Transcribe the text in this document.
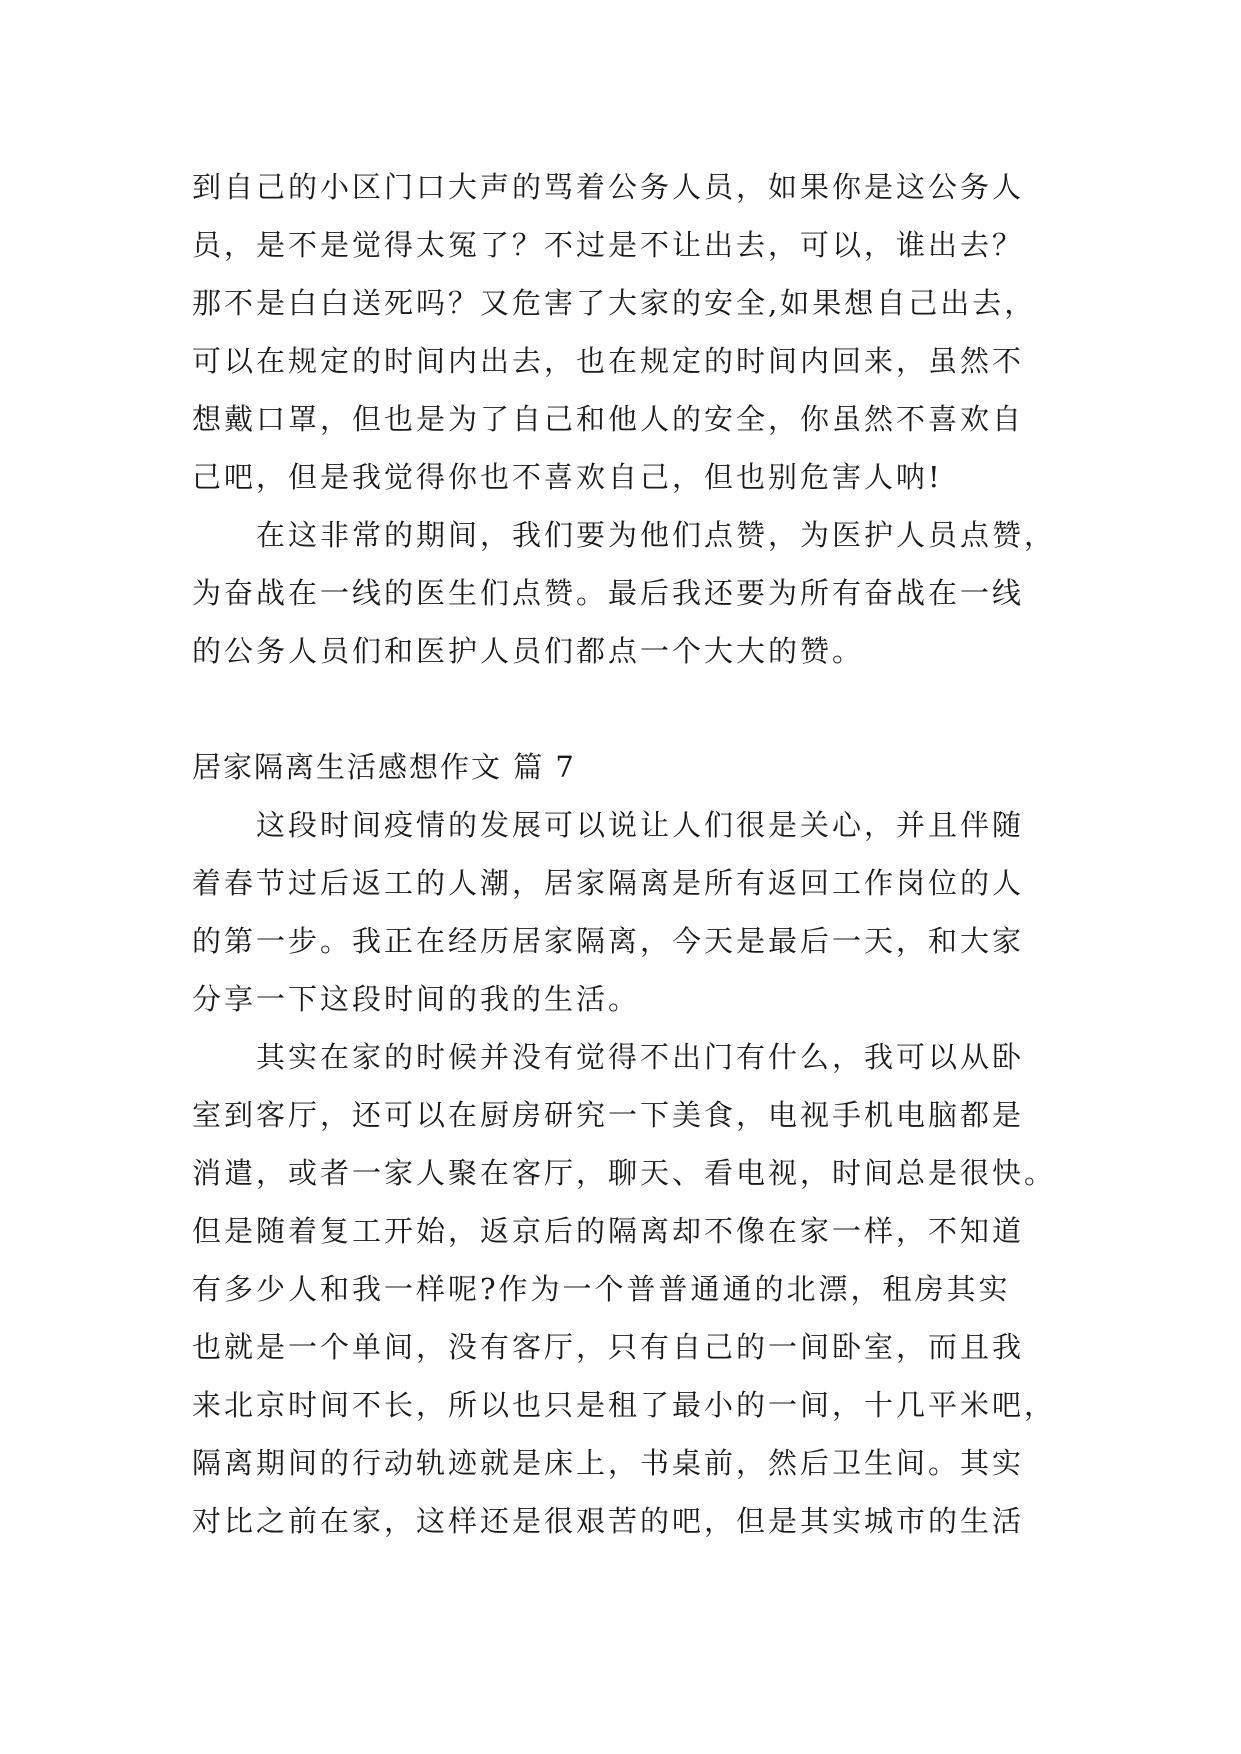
到自己的小区门口大声的骂着公务人员，如果你是这公务人
员，是不是觉得太冤了？不过是不让出去，可以，谁出去？
那不是白白送死吗？又危害了大家的安全,如果想自己出去，
可以在规定的时间内出去，也在规定的时间内回来，虽然不
想戴口罩，但也是为了自己和他人的安全，你虽然不喜欢自
己吧，但是我觉得你也不喜欢自己，但也别危害人呐!
在这非常的期间，我们要为他们点赞，为医护人员点赞，
为奋战在一线的医生们点赞。最后我还要为所有奋战在一线
的公务人员们和医护人员们都点一个大大的赞。
居家隔离生活感想作文 篇 7
这段时间疫情的发展可以说让人们很是关心，并且伴随
着春节过后返工的人潮，居家隔离是所有返回工作岗位的人
的第一步。我正在经历居家隔离，今天是最后一天，和大家
分享一下这段时间的我的生活。
其实在家的时候并没有觉得不出门有什么，我可以从卧
室到客厅，还可以在厨房研究一下美食，电视手机电脑都是
消遣，或者一家人聚在客厅，聊天、看电视，时间总是很快。
但是随着复工开始，返京后的隔离却不像在家一样，不知道
有多少人和我一样呢?作为一个普普通通的北漂，租房其实
也就是一个单间，没有客厅，只有自己的一间卧室，而且我
来北京时间不长，所以也只是租了最小的一间，十几平米吧，
隔离期间的行动轨迹就是床上，书桌前，然后卫生间。其实
对比之前在家，这样还是很艰苦的吧，但是其实城市的生活
